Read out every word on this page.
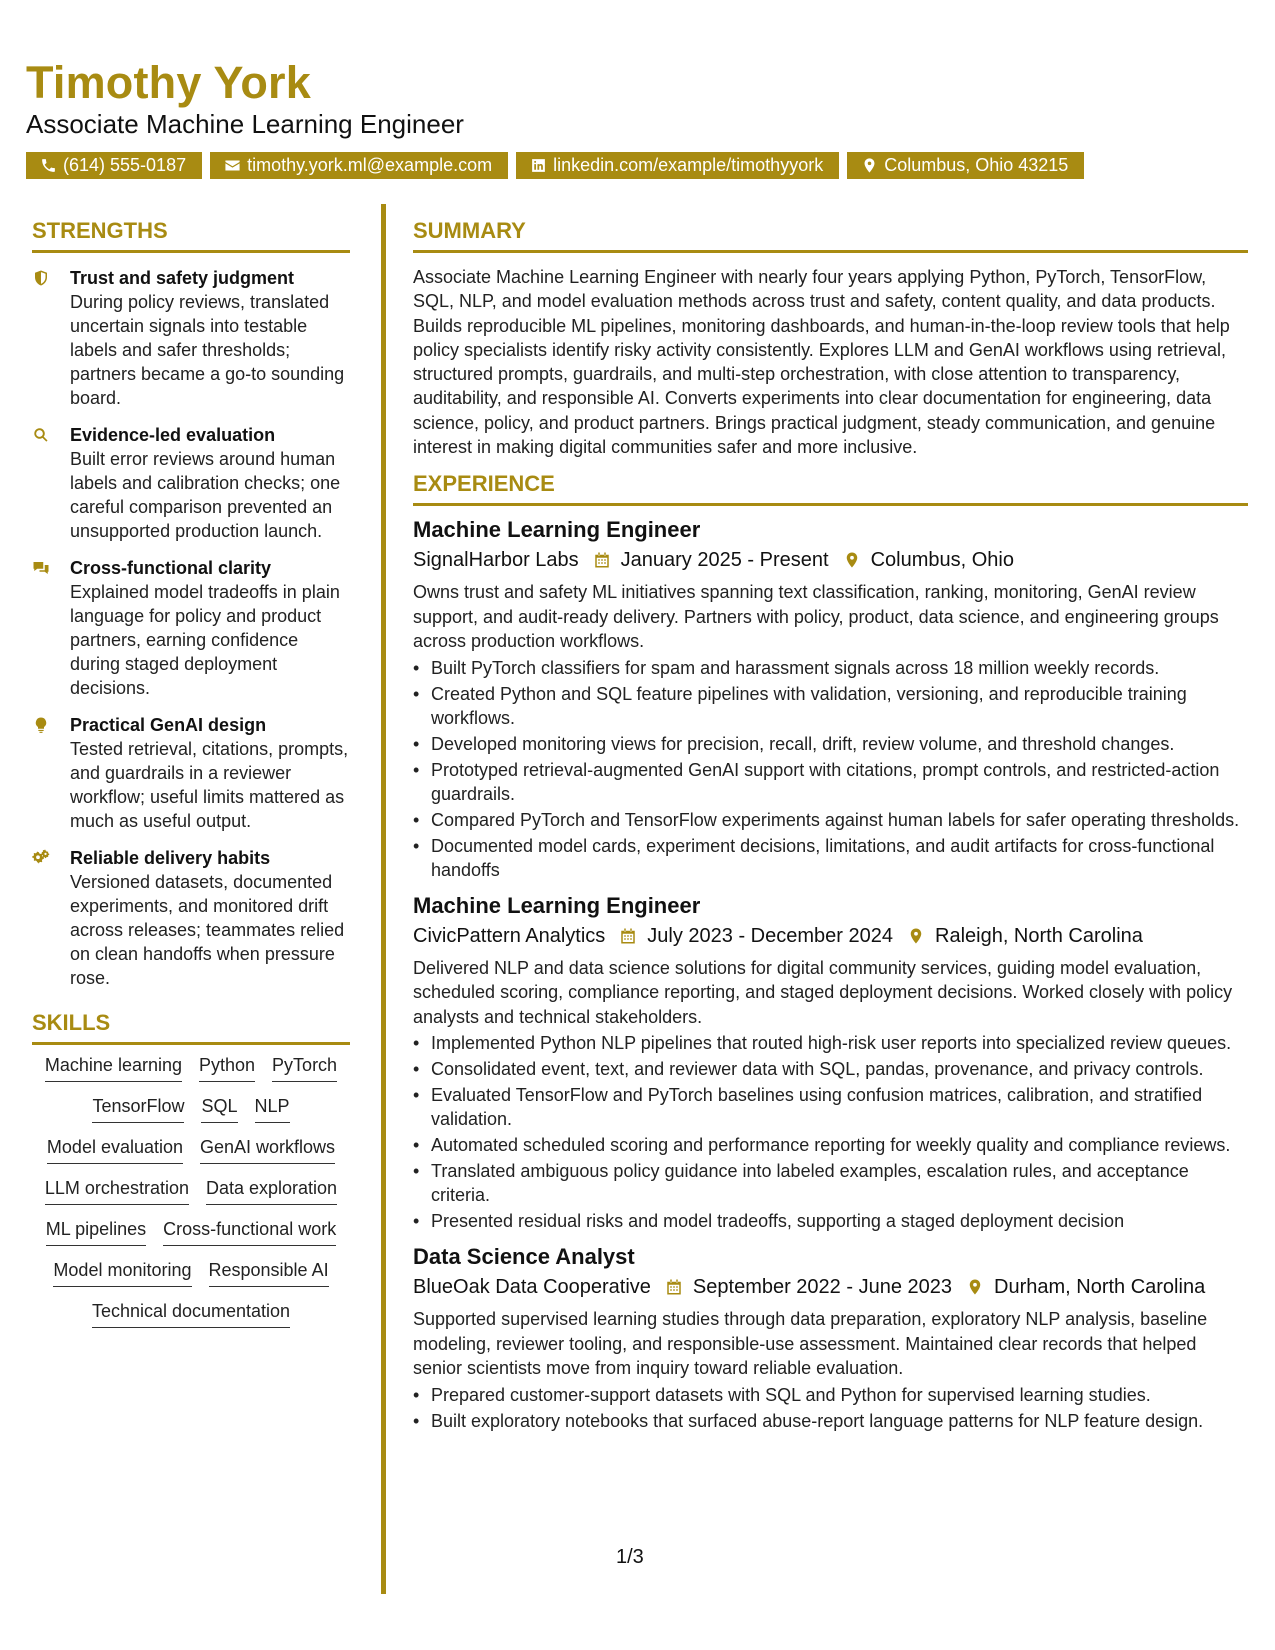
Timothy York
Associate Machine Learning Engineer
(614) 555-0187	timothy.york.ml@example.com	linkedin.com/example/timothyyork	Columbus, Ohio 43215
STRENGTHS
Trust and safety judgment
During policy reviews, translated uncertain signals into testable labels and safer thresholds; partners became a go-to sounding board.
Evidence-led evaluation
Built error reviews around human labels and calibration checks; one careful comparison prevented an unsupported production launch.
Cross-functional clarity
Explained model tradeoffs in plain language for policy and product partners, earning confidence during staged deployment decisions.
Practical GenAI design
Tested retrieval, citations, prompts, and guardrails in a reviewer workflow; useful limits mattered as much as useful output.
Reliable delivery habits
Versioned datasets, documented experiments, and monitored drift across releases; teammates relied on clean handoffs when pressure rose.
SKILLS
Machine learning Python PyTorch
TensorFlow SQL NLP
Model evaluation GenAI workflows
LLM orchestration Data exploration
ML pipelines Cross-functional work
Model monitoring Responsible AI
Technical documentation
SUMMARY
Associate Machine Learning Engineer with nearly four years applying Python, PyTorch, TensorFlow, SQL, NLP, and model evaluation methods across trust and safety, content quality, and data products. Builds reproducible ML pipelines, monitoring dashboards, and human-in-the-loop review tools that help policy specialists identify risky activity consistently. Explores LLM and GenAI workflows using retrieval, structured prompts, guardrails, and multi-step orchestration, with close attention to transparency, auditability, and responsible AI. Converts experiments into clear documentation for engineering, data science, policy, and product partners. Brings practical judgment, steady communication, and genuine interest in making digital communities safer and more inclusive.
EXPERIENCE
Machine Learning Engineer
SignalHarbor Labs January 2025 - Present Columbus, Ohio
Owns trust and safety ML initiatives spanning text classification, ranking, monitoring, GenAI review support, and audit-ready delivery. Partners with policy, product, data science, and engineering groups across production workflows.
• Built PyTorch classifiers for spam and harassment signals across 18 million weekly records.
• Created Python and SQL feature pipelines with validation, versioning, and reproducible training workflows.
• Developed monitoring views for precision, recall, drift, review volume, and threshold changes.
• Prototyped retrieval-augmented GenAI support with citations, prompt controls, and restricted-action guardrails.
• Compared PyTorch and TensorFlow experiments against human labels for safer operating thresholds.
• Documented model cards, experiment decisions, limitations, and audit artifacts for cross-functional handoffs
Machine Learning Engineer
CivicPattern Analytics July 2023 - December 2024 Raleigh, North Carolina
Delivered NLP and data science solutions for digital community services, guiding model evaluation, scheduled scoring, compliance reporting, and staged deployment decisions. Worked closely with policy analysts and technical stakeholders.
• Implemented Python NLP pipelines that routed high-risk user reports into specialized review queues.
• Consolidated event, text, and reviewer data with SQL, pandas, provenance, and privacy controls.
• Evaluated TensorFlow and PyTorch baselines using confusion matrices, calibration, and stratified validation.
• Automated scheduled scoring and performance reporting for weekly quality and compliance reviews.
• Translated ambiguous policy guidance into labeled examples, escalation rules, and acceptance criteria.
• Presented residual risks and model tradeoffs, supporting a staged deployment decision
Data Science Analyst
BlueOak Data Cooperative September 2022 - June 2023 Durham, North Carolina
Supported supervised learning studies through data preparation, exploratory NLP analysis, baseline modeling, reviewer tooling, and responsible-use assessment. Maintained clear records that helped senior scientists move from inquiry toward reliable evaluation.
• Prepared customer-support datasets with SQL and Python for supervised learning studies.
• Built exploratory notebooks that surfaced abuse-report language patterns for NLP feature design.
1/3
